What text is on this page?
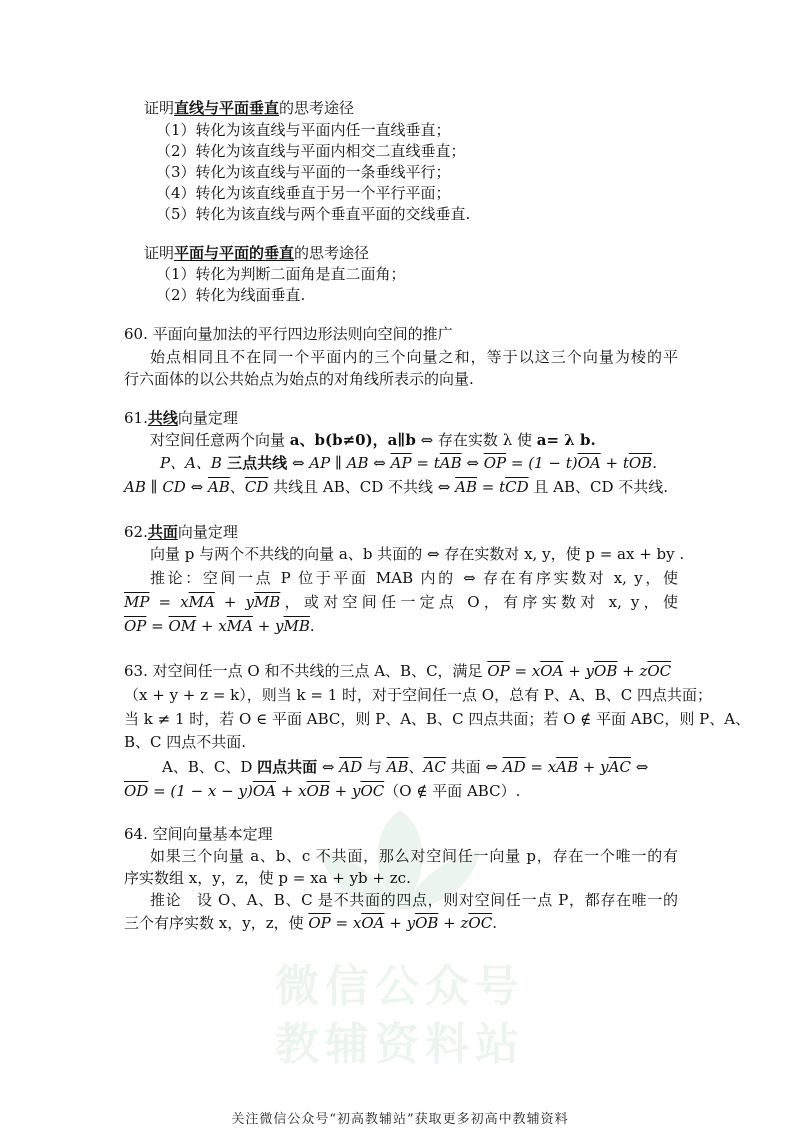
微信公众号
教辅资料站
证明直线与平面垂直的思考途径
（1）转化为该直线与平面内任一直线垂直；
（2）转化为该直线与平面内相交二直线垂直；
（3）转化为该直线与平面的一条垂线平行；
（4）转化为该直线垂直于另一个平行平面；
（5）转化为该直线与两个垂直平面的交线垂直.
证明平面与平面的垂直的思考途径
（1）转化为判断二面角是直二面角；
（2）转化为线面垂直.
60. 平面向量加法的平行四边形法则向空间的推广
始点相同且不在同一个平面内的三个向量之和，等于以这三个向量为棱的平
行六面体的以公共始点为始点的对角线所表示的向量.
61.共线向量定理
对空间任意两个向量 a、b(b≠0)，a∥b ⇔ 存在实数 λ 使 a= λ b.
P、A、B 三点共线 ⇔ AP ∥ AB ⇔ $\overline{AP} = t\overline{AB}$ ⇔ $\overline{OP} = (1 - t)\overline{OA} + t\overline{OB}$.
AB ∥ CD ⇔ $\overline{AB}$、$\overline{CD}$ 共线且 AB、CD 不共线 ⇔ $\overline{AB} = t\overline{CD}$ 且 AB、CD 不共线.
62.共面向量定理
向量 p 与两个不共线的向量 a、b 共面的 ⇔ 存在实数对 x, y，使 p = ax + by .
推论：空间一点 P 位于平面 MAB 内的 ⇔ 存在有序实数对 x, y，使
$\overline{MP} = x\overline{MA} + y\overline{MB}$，或对空间任一定点 O，有序实数对 x, y，使
$\overline{OP} = \overline{OM} + x\overline{MA} + y\overline{MB}$.
63. 对空间任一点 O 和不共线的三点 A、B、C，满足 $\overline{OP} = x\overline{OA} + y\overline{OB} + z\overline{OC}$
（x + y + z = k），则当 k = 1 时，对于空间任一点 O，总有 P、A、B、C 四点共面；
当 k ≠ 1 时，若 O ∈ 平面 ABC，则 P、A、B、C 四点共面；若 O ∉ 平面 ABC，则 P、A、
B、C 四点不共面.
A、B、C、D 四点共面 ⇔ $\overline{AD}$ 与 $\overline{AB}$、$\overline{AC}$ 共面 ⇔ $\overline{AD} = x\overline{AB} + y\overline{AC}$ ⇔
$\overline{OD} = (1 - x - y)\overline{OA} + x\overline{OB} + y\overline{OC}(O$ ∉ 平面 ABC）.
64. 空间向量基本定理
如果三个向量 a、b、c 不共面，那么对空间任一向量 p，存在一个唯一的有
序实数组 x，y，z，使 p = xa + yb + zc.
推论　设 O、A、B、C 是不共面的四点，则对空间任一点 P，都存在唯一的
三个有序实数 x，y，z，使 $\overline{OP} = x\overline{OA} + y\overline{OB} + z\overline{OC}$.
关注微信公众号“初高教辅站”获取更多初高中教辅资料
